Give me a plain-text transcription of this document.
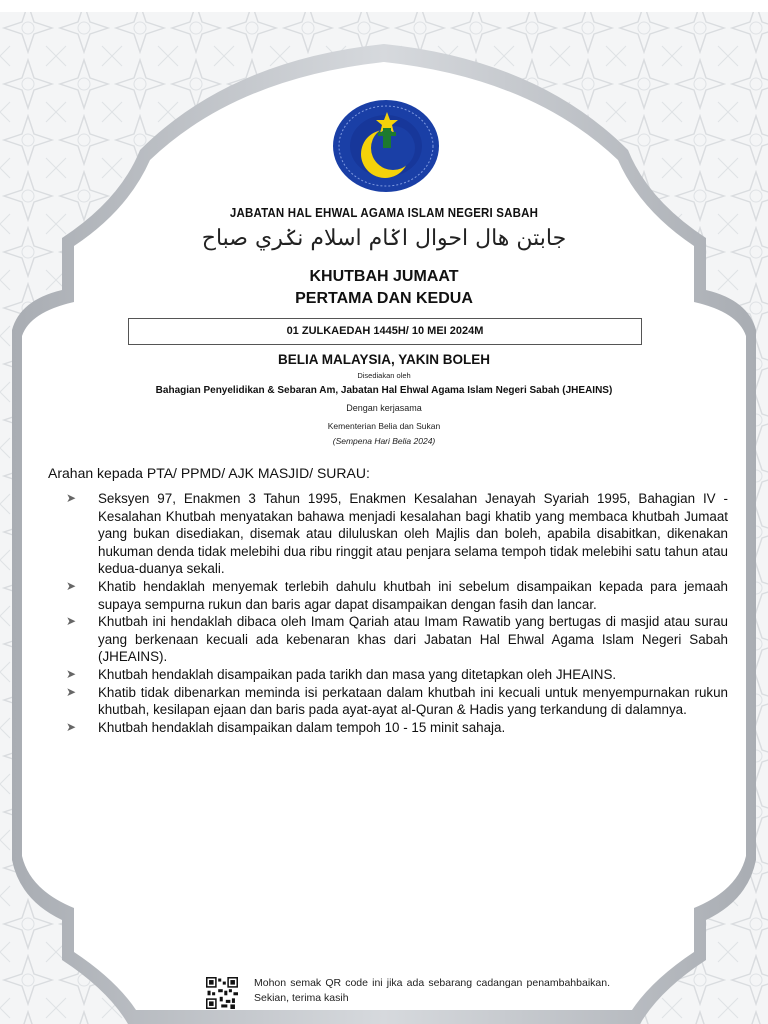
JABATAN HAL EHWAL AGAMA ISLAM NEGERI SABAH
جابتن هال احوال اݢام اسلام نݢري صباح
KHUTBAH JUMAAT
PERTAMA DAN KEDUA
01 ZULKAEDAH 1445H/ 10 MEI 2024M
BELIA MALAYSIA, YAKIN BOLEH
Disediakan oleh
Bahagian Penyelidikan & Sebaran Am, Jabatan Hal Ehwal Agama Islam Negeri Sabah (JHEAINS)
Dengan kerjasama
Kementerian Belia dan Sukan
(Sempena Hari Belia 2024)
Arahan kepada PTA/ PPMD/ AJK MASJID/ SURAU:
➤ Seksyen 97, Enakmen 3 Tahun 1995, Enakmen Kesalahan Jenayah Syariah 1995, Bahagian IV - Kesalahan Khutbah menyatakan bahawa menjadi kesalahan bagi khatib yang membaca khutbah Jumaat yang bukan disediakan, disemak atau diluluskan oleh Majlis dan boleh, apabila disabitkan, dikenakan hukuman denda tidak melebihi dua ribu ringgit atau penjara selama tempoh tidak melebihi satu tahun atau kedua-duanya sekali.
➤ Khatib hendaklah menyemak terlebih dahulu khutbah ini sebelum disampaikan kepada para jemaah supaya sempurna rukun dan baris agar dapat disampaikan dengan fasih dan lancar.
➤ Khutbah ini hendaklah dibaca oleh Imam Qariah atau Imam Rawatib yang bertugas di masjid atau surau yang berkenaan kecuali ada kebenaran khas dari Jabatan Hal Ehwal Agama Islam Negeri Sabah (JHEAINS).
➤ Khutbah hendaklah disampaikan pada tarikh dan masa yang ditetapkan oleh JHEAINS.
➤ Khatib tidak dibenarkan meminda isi perkataan dalam khutbah ini kecuali untuk menyempurnakan rukun khutbah, kesilapan ejaan dan baris pada ayat-ayat al-Quran & Hadis yang terkandung di dalamnya.
➤ Khutbah hendaklah disampaikan dalam tempoh 10 - 15 minit sahaja.
Mohon semak QR code ini jika ada sebarang cadangan penambahbaikan. Sekian, terima kasih
